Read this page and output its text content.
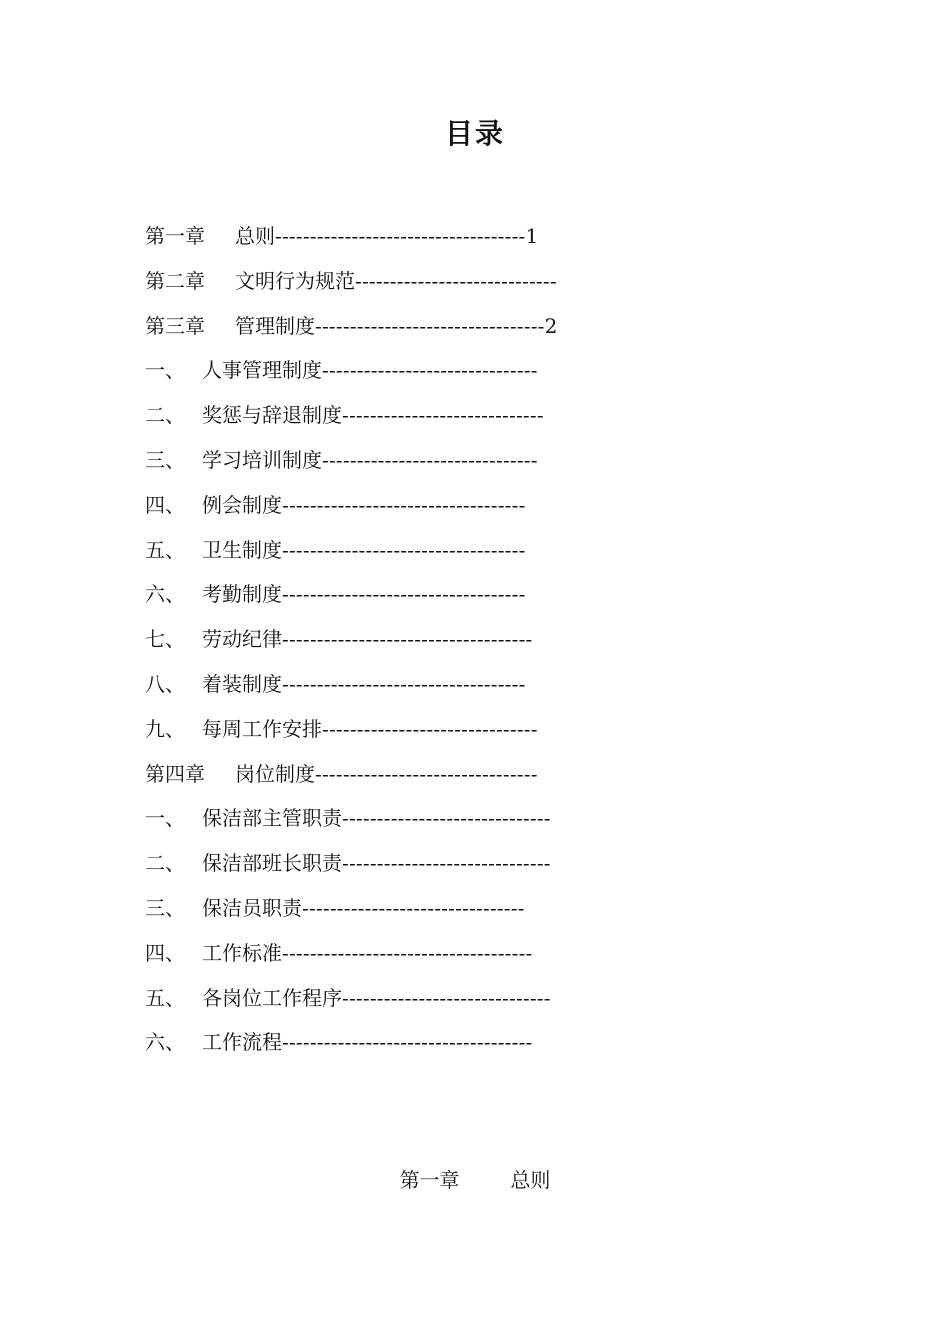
目录
第一章 总则------------------------------------1
第二章 文明行为规范-----------------------------
第三章 管理制度---------------------------------2
一、 人事管理制度-------------------------------
二、 奖惩与辞退制度-----------------------------
三、 学习培训制度-------------------------------
四、 例会制度-----------------------------------
五、 卫生制度-----------------------------------
六、 考勤制度-----------------------------------
七、 劳动纪律------------------------------------
八、 着装制度-----------------------------------
九、 每周工作安排-------------------------------
第四章 岗位制度--------------------------------
一、 保洁部主管职责------------------------------
二、 保洁部班长职责------------------------------
三、 保洁员职责--------------------------------
四、 工作标准------------------------------------
五、 各岗位工作程序------------------------------
六、 工作流程------------------------------------
第一章	总则
